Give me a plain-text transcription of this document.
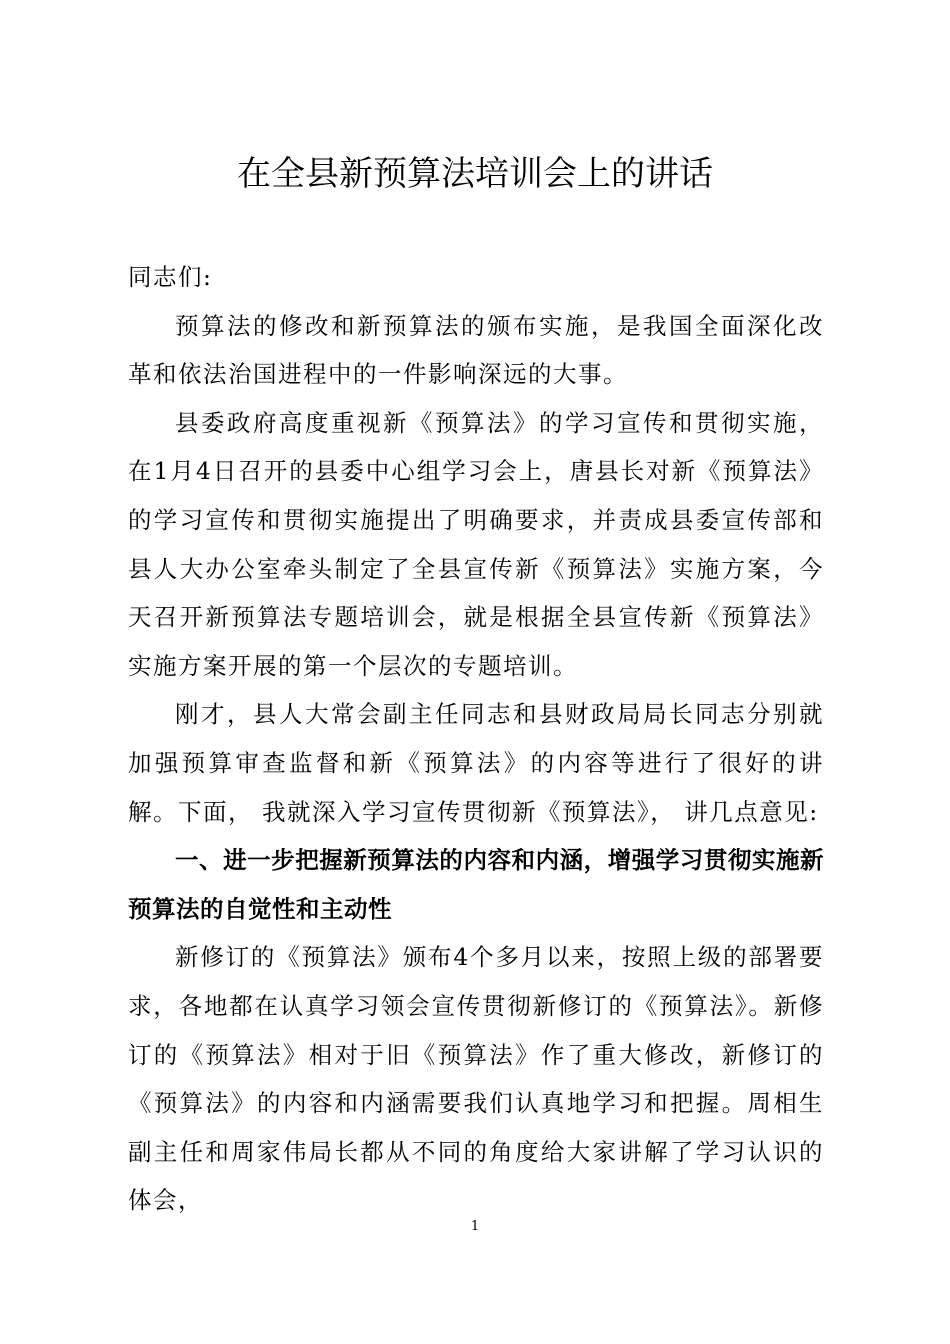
在全县新预算法培训会上的讲话

同志们:

预算法的修改和新预算法的颁布实施，是我国全面深化改革和依法治国进程中的一件影响深远的大事。

县委政府高度重视新《预算法》的学习宣传和贯彻实施，在1月4日召开的县委中心组学习会上，唐县长对新《预算法》的学习宣传和贯彻实施提出了明确要求，并责成县委宣传部和县人大办公室牵头制定了全县宣传新《预算法》实施方案，今天召开新预算法专题培训会，就是根据全县宣传新《预算法》实施方案开展的第一个层次的专题培训。

刚才，县人大常会副主任同志和县财政局局长同志分别就加强预算审查监督和新《预算法》的内容等进行了很好的讲解。下面， 我就深入学习宣传贯彻新《预算法》， 讲几点意见:

一、进一步把握新预算法的内容和内涵，增强学习贯彻实施新预算法的自觉性和主动性

新修订的《预算法》颁布4个多月以来，按照上级的部署要求，各地都在认真学习领会宣传贯彻新修订的《预算法》。新修订的《预算法》相对于旧《预算法》作了重大修改，新修订的《预算法》的内容和内涵需要我们认真地学习和把握。周相生副主任和周家伟局长都从不同的角度给大家讲解了学习认识的体会，

1
